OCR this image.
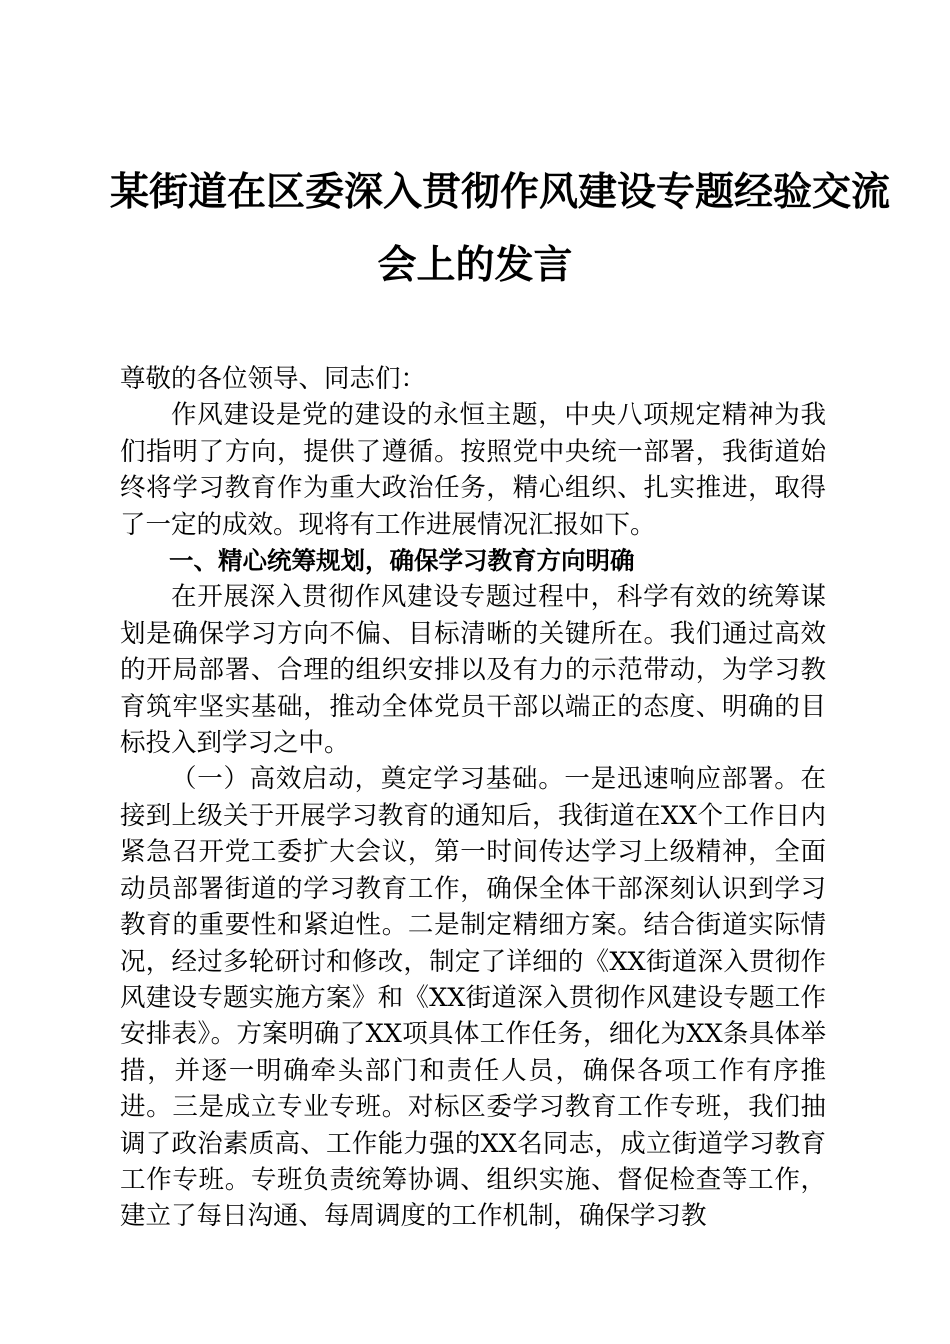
某街道在区委深入贯彻作风建设专题经验交流
会上的发言

尊敬的各位领导、同志们：

作风建设是党的建设的永恒主题，中央八项规定精神为我们指明了方向，提供了遵循。按照党中央统一部署，我街道始终将学习教育作为重大政治任务，精心组织、扎实推进，取得了一定的成效。现将有工作进展情况汇报如下。

一、精心统筹规划，确保学习教育方向明确

在开展深入贯彻作风建设专题过程中，科学有效的统筹谋划是确保学习方向不偏、目标清晰的关键所在。我们通过高效的开局部署、合理的组织安排以及有力的示范带动，为学习教育筑牢坚实基础，推动全体党员干部以端正的态度、明确的目标投入到学习之中。

（一）高效启动，奠定学习基础。一是迅速响应部署。在接到上级关于开展学习教育的通知后，我街道在XX个工作日内紧急召开党工委扩大会议，第一时间传达学习上级精神，全面动员部署街道的学习教育工作，确保全体干部深刻认识到学习教育的重要性和紧迫性。二是制定精细方案。结合街道实际情况，经过多轮研讨和修改，制定了详细的《XX街道深入贯彻作风建设专题实施方案》和《XX街道深入贯彻作风建设专题工作安排表》。方案明确了XX项具体工作任务，细化为XX条具体举措，并逐一明确牵头部门和责任人员，确保各项工作有序推进。三是成立专业专班。对标区委学习教育工作专班，我们抽调了政治素质高、工作能力强的XX名同志，成立街道学习教育工作专班。专班负责统筹协调、组织实施、督促检查等工作，建立了每日沟通、每周调度的工作机制，确保学习教
